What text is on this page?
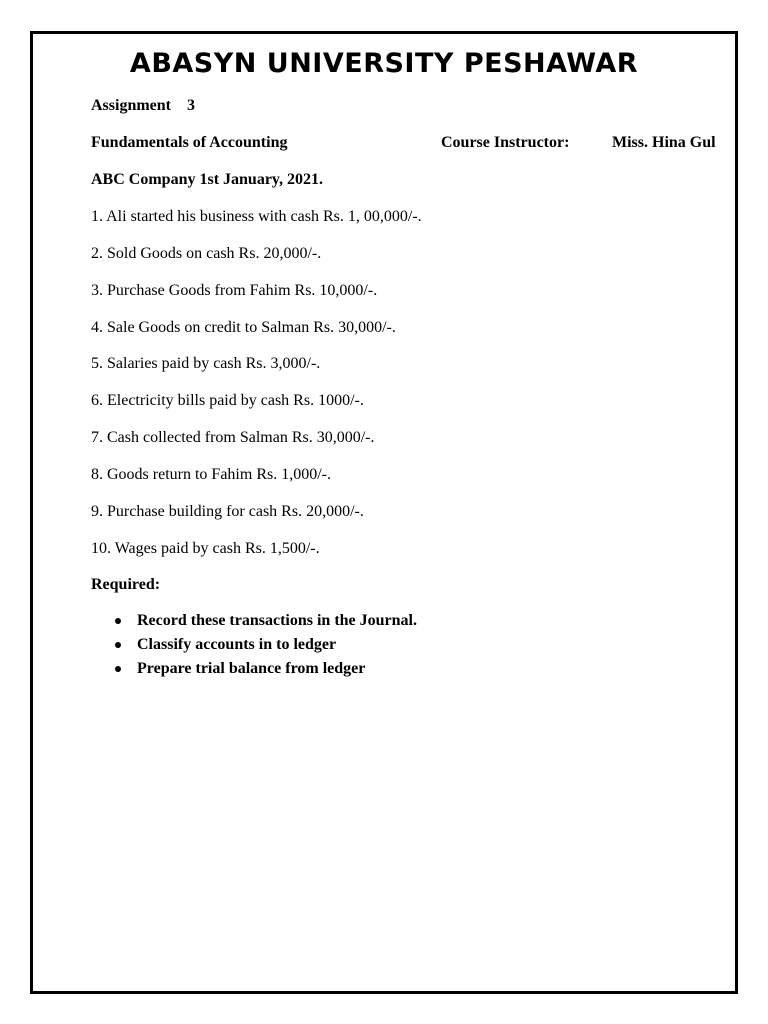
ABASYN UNIVERSITY PESHAWAR
Assignment 3
Fundamentals of Accounting	Course Instructor:	Miss. Hina Gul
ABC Company 1st January, 2021.
1. Ali started his business with cash Rs. 1, 00,000/-.
2. Sold Goods on cash Rs. 20,000/-.
3. Purchase Goods from Fahim Rs. 10,000/-.
4. Sale Goods on credit to Salman Rs. 30,000/-.
5. Salaries paid by cash Rs. 3,000/-.
6. Electricity bills paid by cash Rs. 1000/-.
7. Cash collected from Salman Rs. 30,000/-.
8. Goods return to Fahim Rs. 1,000/-.
9. Purchase building for cash Rs. 20,000/-.
10. Wages paid by cash Rs. 1,500/-.
Required:
Record these transactions in the Journal.
Classify accounts in to ledger
Prepare trial balance from ledger
